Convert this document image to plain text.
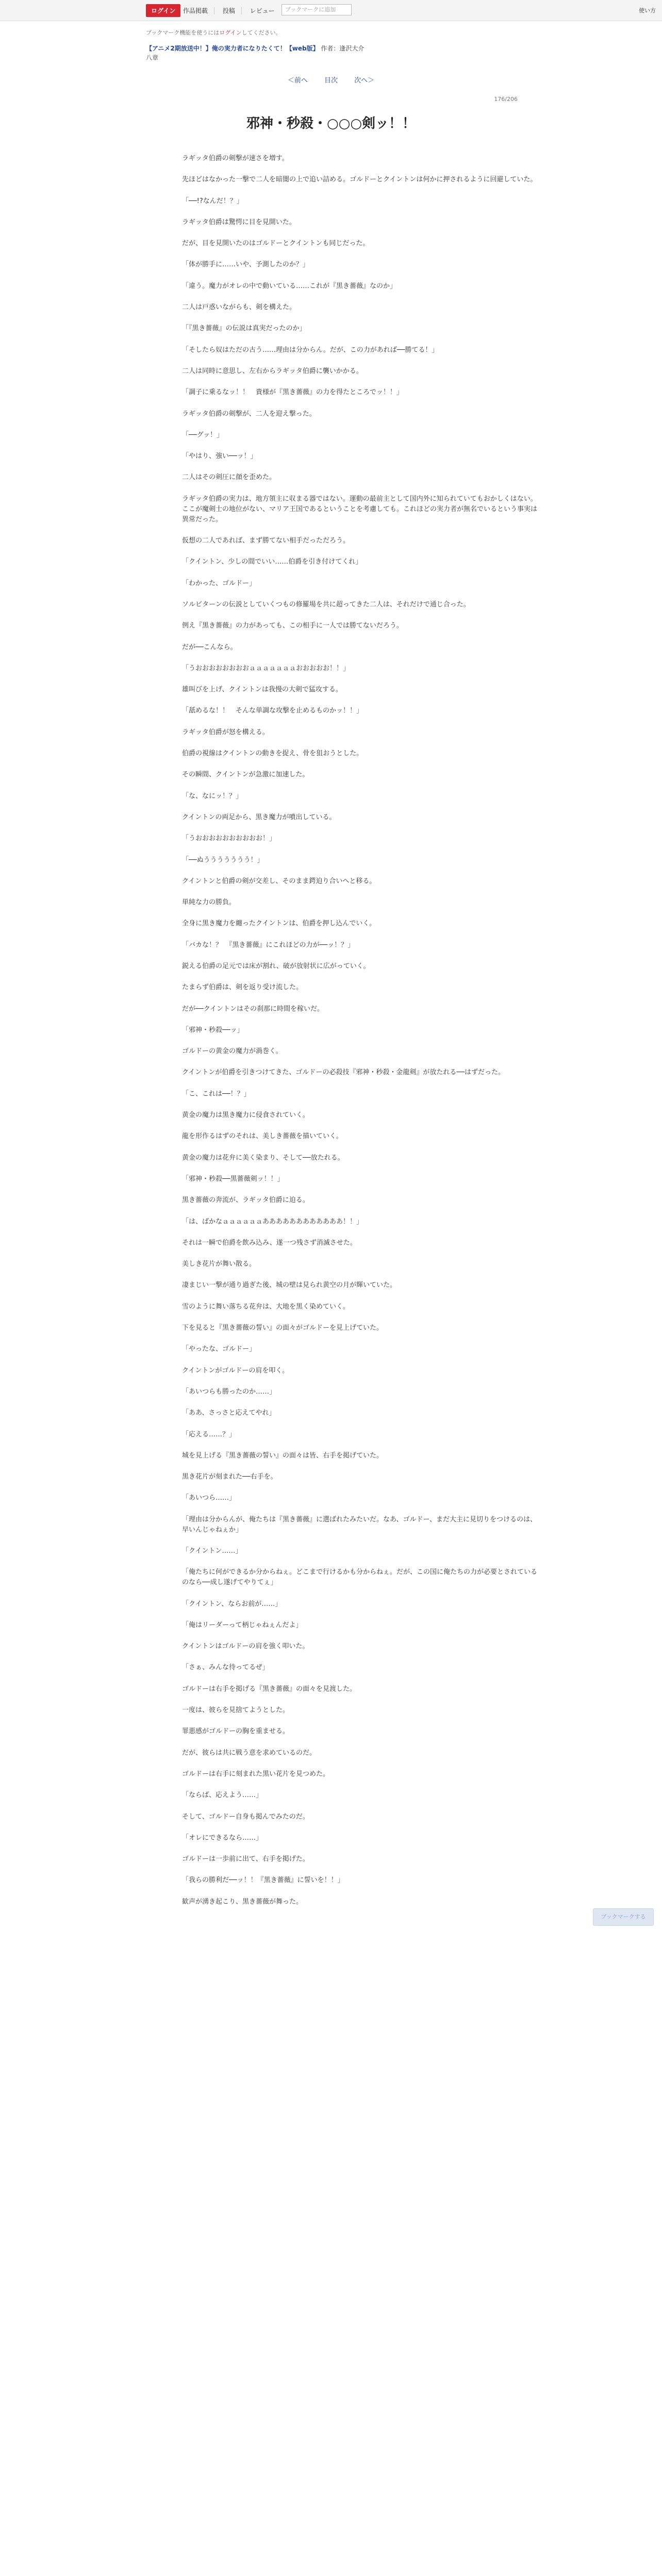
ログイン	作品掲載 投稿 レビュー	ブックマークに追加	使い方
ブックマーク機能を使うにはログインしてください。
【アニメ2期放送中！】俺の実力者になりたくて！【web版】 作者：逢沢大介
八章
＜前へ 目次 次へ＞
176/206
邪神・秒殺・○○○剣ッ！！

ラギッタ伯爵の剣撃が速さを増す。

先ほどはなかった一撃で二人を暗闇の上で追い詰める。ゴルドーとクイントンは何かに押されるように回避していた。

「──!?なんだ！？」

ラギッタ伯爵は驚愕に目を見開いた。

だが、目を見開いたのはゴルドーとクイントンも同じだった。

「体が勝手に……いや、予測したのか？」

「違う。魔力がオレの中で動いている……これが『黒き薔薇』なのか」

二人は戸惑いながらも、剣を構えた。

「『黒き薔薇』の伝説は真実だったのか」

「そしたら奴はただの古う……理由は分からん。だが、この力があれば──勝てる！」

二人は同時に意思し、左右からラギッタ伯爵に襲いかかる。

「調子に乗るなッ！！　貴様が『黒き薔薇』の力を得たところでッ！！」

ラギッタ伯爵の剣撃が、二人を迎え撃った。

「──グッ！」

「やはり、強い──ッ！」

二人はその剣圧に顔を歪めた。

ラギッタ伯爵の実力は、地方領主に収まる器ではない。運動の最前主として国内外に知られていてもおかしくはない。ここが魔剣士の地位がない、マリア王国であるということを考慮しても。これほどの実力者が無名でいるという事実は異常だった。

仮想の二人であれば、まず勝てない相手だっただろう。

「クイントン、少しの間でいい……伯爵を引き付けてくれ」

「わかった、ゴルドー」

ソルビターンの伝説としていくつもの修羅場を共に超ってきた二人は、それだけで通じ合った。

例え『黒き薔薇』の力があっても、この相手に一人では勝てないだろう。

だが──こんなら。

「うおおおおおおおおａａａａａａａおおおおお！！」

雄叫びを上げ、クイントンは我慢の大剣で猛攻する。

「舐めるな！！　そんな単調な攻撃を止めるものかッ！！」

ラギッタ伯爵が怒を構える。

伯爵の視線はクイントンの動きを捉え、骨を狙おうとした。

その瞬間、クイントンが急激に加速した。

「な、なにッ！？」

クイントンの両足から、黒き魔力が噴出している。

「うおおおおおおおおおお！」

「──ぬううううううう！」

クイントンと伯爵の剣が交差し、そのまま鍔迫り合いへと移る。

単純な力の勝負。

全身に黒き魔力を纏ったクイントンは、伯爵を押し込んでいく。

「バカな！？　『黒き薔薇』にこれほどの力が──ッ！？」

鋭える伯爵の足元では床が割れ、破が放射状に広がっていく。

たまらず伯爵は、剣を返り受け流した。

だが──クイントンはその刹那に時間を稼いだ。

「邪神・秒殺──ッ」

ゴルドーの黄金の魔力が渦巻く。

クイントンが伯爵を引きつけてきた、ゴルドーの必殺技『邪神・秒殺・金龍剣』が放たれる──はずだった。

「こ、これは──！？」

黄金の魔力は黒き魔力に侵食されていく。

龍を形作るはずのそれは、美しき薔薇を描いていく。

黄金の魔力は花弁に美く染まり、そして──放たれる。

「邪神・秒殺──黒薔薇剣ッ！！」

黒き薔薇の奔流が、ラギッタ伯爵に迫る。

「は、ばかなａａａａａａああああああああああああ！！」

それは一瞬で伯爵を飲み込み、遂一つ残さず消滅させた。

美しき花片が舞い散る。

凄まじい一撃が通り過ぎた後、城の壁は見られ黄空の月が輝いていた。

雪のように舞い落ちる花弁は、大地を黒く染めていく。

下を見ると『黒き薔薇の誓い』の面々がゴルドーを見上げていた。

「やったな、ゴルドー」

クイントンがゴルドーの肩を叩く。

「あいつらも勝ったのか……」

「ああ、さっさと応えてやれ」

「応える……？」

城を見上げる『黒き薔薇の誓い』の面々は皆、右手を掲げていた。

黒き花片が刻まれた──右手を。

「あいつら……」

「理由は分からんが、俺たちは『黒き薔薇』に選ばれたみたいだ。なあ、ゴルドー、まだ大主に見切りをつけるのは、早いんじゃねぇか」

「クイントン……」

「俺たちに何ができるか分からねぇ。どこまで行けるかも分からねぇ。だが、この国に俺たちの力が必要とされているのなら──成し遂げてやりてぇ」

「クイントン、ならお前が……」

「俺はリーダーって柄じゃねぇんだよ」

クイントンはゴルドーの肩を強く叩いた。

「さぁ、みんな待ってるぜ」

ゴルドーは右手を掲げる『黒き薔薇』の面々を見渡した。

一度は、彼らを見捨てようとした。

罪悪感がゴルドーの胸を重ませる。

だが、彼らは共に戦う意を求めているのだ。

ゴルドーは右手に刻まれた黒い花片を見つめた。

「ならば、応えよう……」

そして、ゴルドー自身も掲んでみたのだ。

「オレにできるなら……」

ゴルドーは一歩前に出て、右手を掲げた。

「我らの勝利だ──ッ！！『黒き薔薇』に誓いを！！」

歓声が湧き起こり、黒き薔薇が舞った。

ブックマークする
